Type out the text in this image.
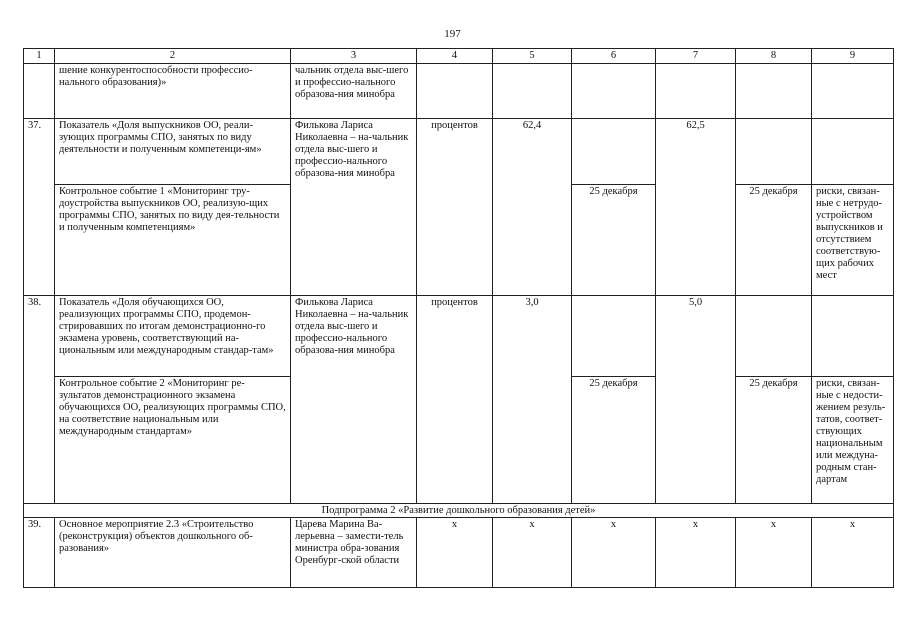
197
1	2	3	4	5	6	7	8	9
	шение конкурентоспособности профессио-нального образования)»	чальник отдела выс-шего и профессио-нального образова-ния минобра						
37.	Показатель «Доля выпускников ОО, реали-зующих программы СПО, занятых по виду деятельности и полученным компетенци-ям»	Филькова Лариса Николаевна – на-чальник отдела выс-шего и профессио-нального образова-ния минобра	процентов	62,4		62,5		
	Контрольное событие 1 «Мониторинг тру-доустройства выпускников ОО, реализую-щих программы СПО, занятых по виду дея-тельности и полученным компетенциям»				25 декабря		25 декабря	риски, связан-ные с нетрудо-устройством выпускников и отсутствием соответствую-щих рабочих мест
38.	Показатель «Доля обучающихся ОО, реализующих программы СПО, продемон-стрировавших по итогам демонстрационно-го экзамена уровень, соответствующий на-циональным или международным стандар-там»	Филькова Лариса Николаевна – на-чальник отдела выс-шего и профессио-нального образова-ния минобра	процентов	3,0		5,0		
	Контрольное событие 2 «Мониторинг ре-зультатов демонстрационного экзамена обучающихся ОО, реализующих программы СПО, на соответствие национальным или международным стандартам»				25 декабря		25 декабря	риски, связан-ные с недости-жением резуль-татов, соответ-ствующих национальным или междуна-родным стан-дартам
Подпрограмма 2 «Развитие дошкольного образования детей»								
39.	Основное мероприятие 2.3 «Строительство (реконструкция) объектов дошкольного об-разования»	Царева Марина Ва-лерьевна – замести-тель министра обра-зования Оренбург-ской области	x	x	x	x	x	x
